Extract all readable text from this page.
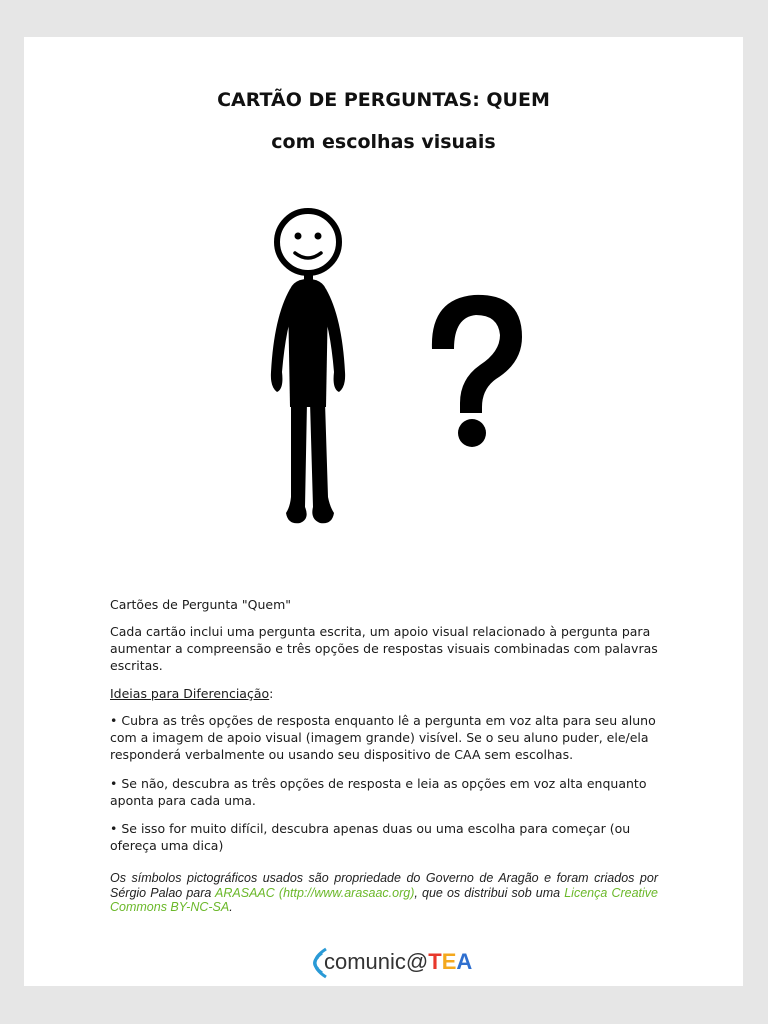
CARTÃO DE PERGUNTAS: QUEM
com escolhas visuais
Cartões de Pergunta "Quem"
Cada cartão inclui uma pergunta escrita, um apoio visual relacionado à pergunta para aumentar a compreensão e três opções de respostas visuais combinadas com palavras escritas.
Ideias para Diferenciação:
• Cubra as três opções de resposta enquanto lê a pergunta em voz alta para seu aluno com a imagem de apoio visual (imagem grande) visível. Se o seu aluno puder, ele/ela responderá verbalmente ou usando seu dispositivo de CAA sem escolhas.
• Se não, descubra as três opções de resposta e leia as opções em voz alta enquanto aponta para cada uma.
• Se isso for muito difícil, descubra apenas duas ou uma escolha para começar (ou ofereça uma dica)
Os símbolos pictográficos usados são propriedade do Governo de Aragão e foram criados por Sérgio Palao para ARASAAC (http://www.arasaac.org), que os distribui sob uma Licença Creative Commons BY-NC-SA.
comunic@TEA
